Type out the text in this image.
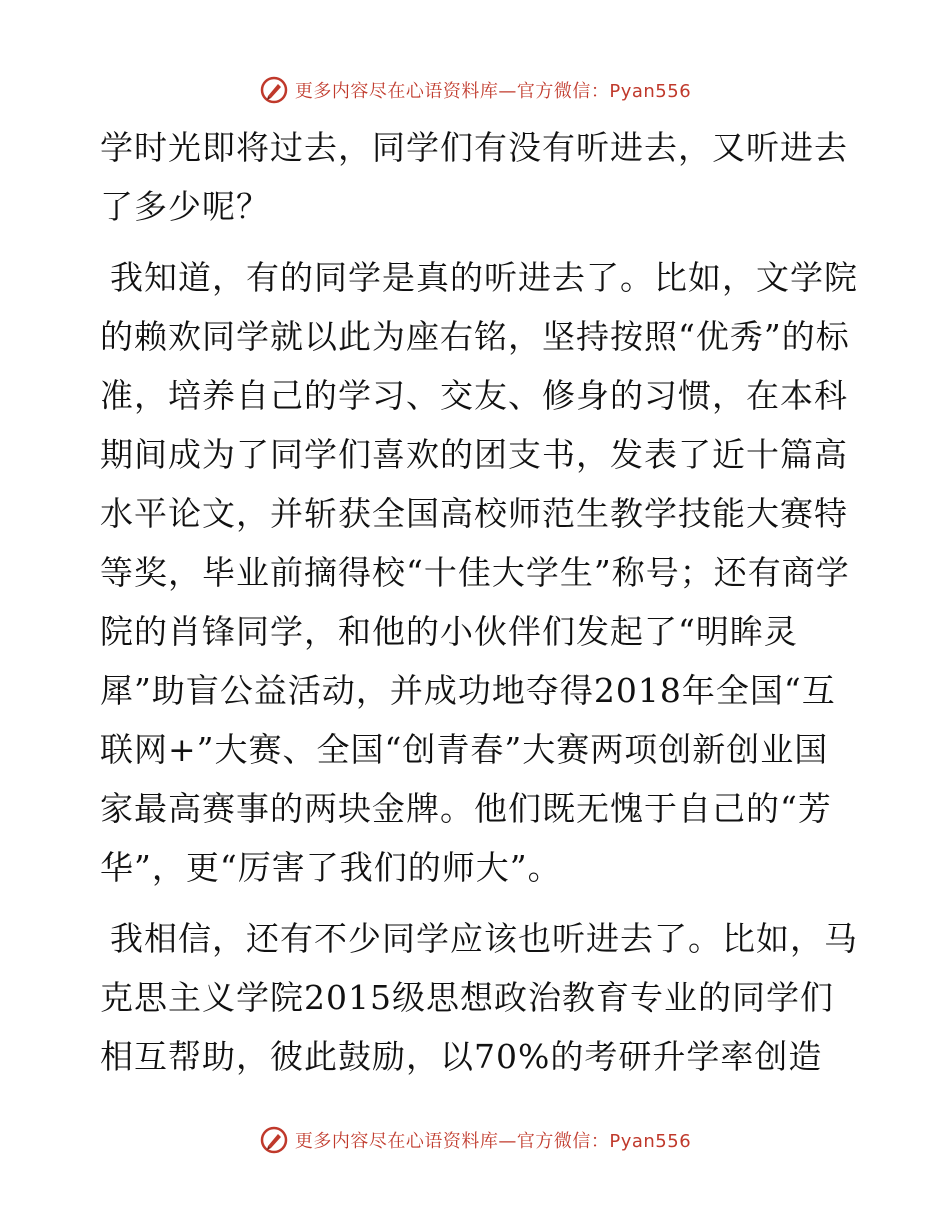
更多内容尽在心语资料库—官方微信：Pyan556

学时光即将过去，同学们有没有听进去，又听进去了多少呢？

我知道，有的同学是真的听进去了。比如，文学院的赖欢同学就以此为座右铭，坚持按照“优秀”的标准，培养自己的学习、交友、修身的习惯，在本科期间成为了同学们喜欢的团支书，发表了近十篇高水平论文，并斩获全国高校师范生教学技能大赛特等奖，毕业前摘得校“十佳大学生”称号；还有商学院的肖锋同学，和他的小伙伴们发起了“明眸灵犀”助盲公益活动，并成功地夺得2018年全国“互联网+”大赛、全国“创青春”大赛两项创新创业国家最高赛事的两块金牌。他们既无愧于自己的“芳华”，更“厉害了我们的师大”。

我相信，还有不少同学应该也听进去了。比如，马克思主义学院2015级思想政治教育专业的同学们相互帮助，彼此鼓励，以70%的考研升学率创造

更多内容尽在心语资料库—官方微信：Pyan556
